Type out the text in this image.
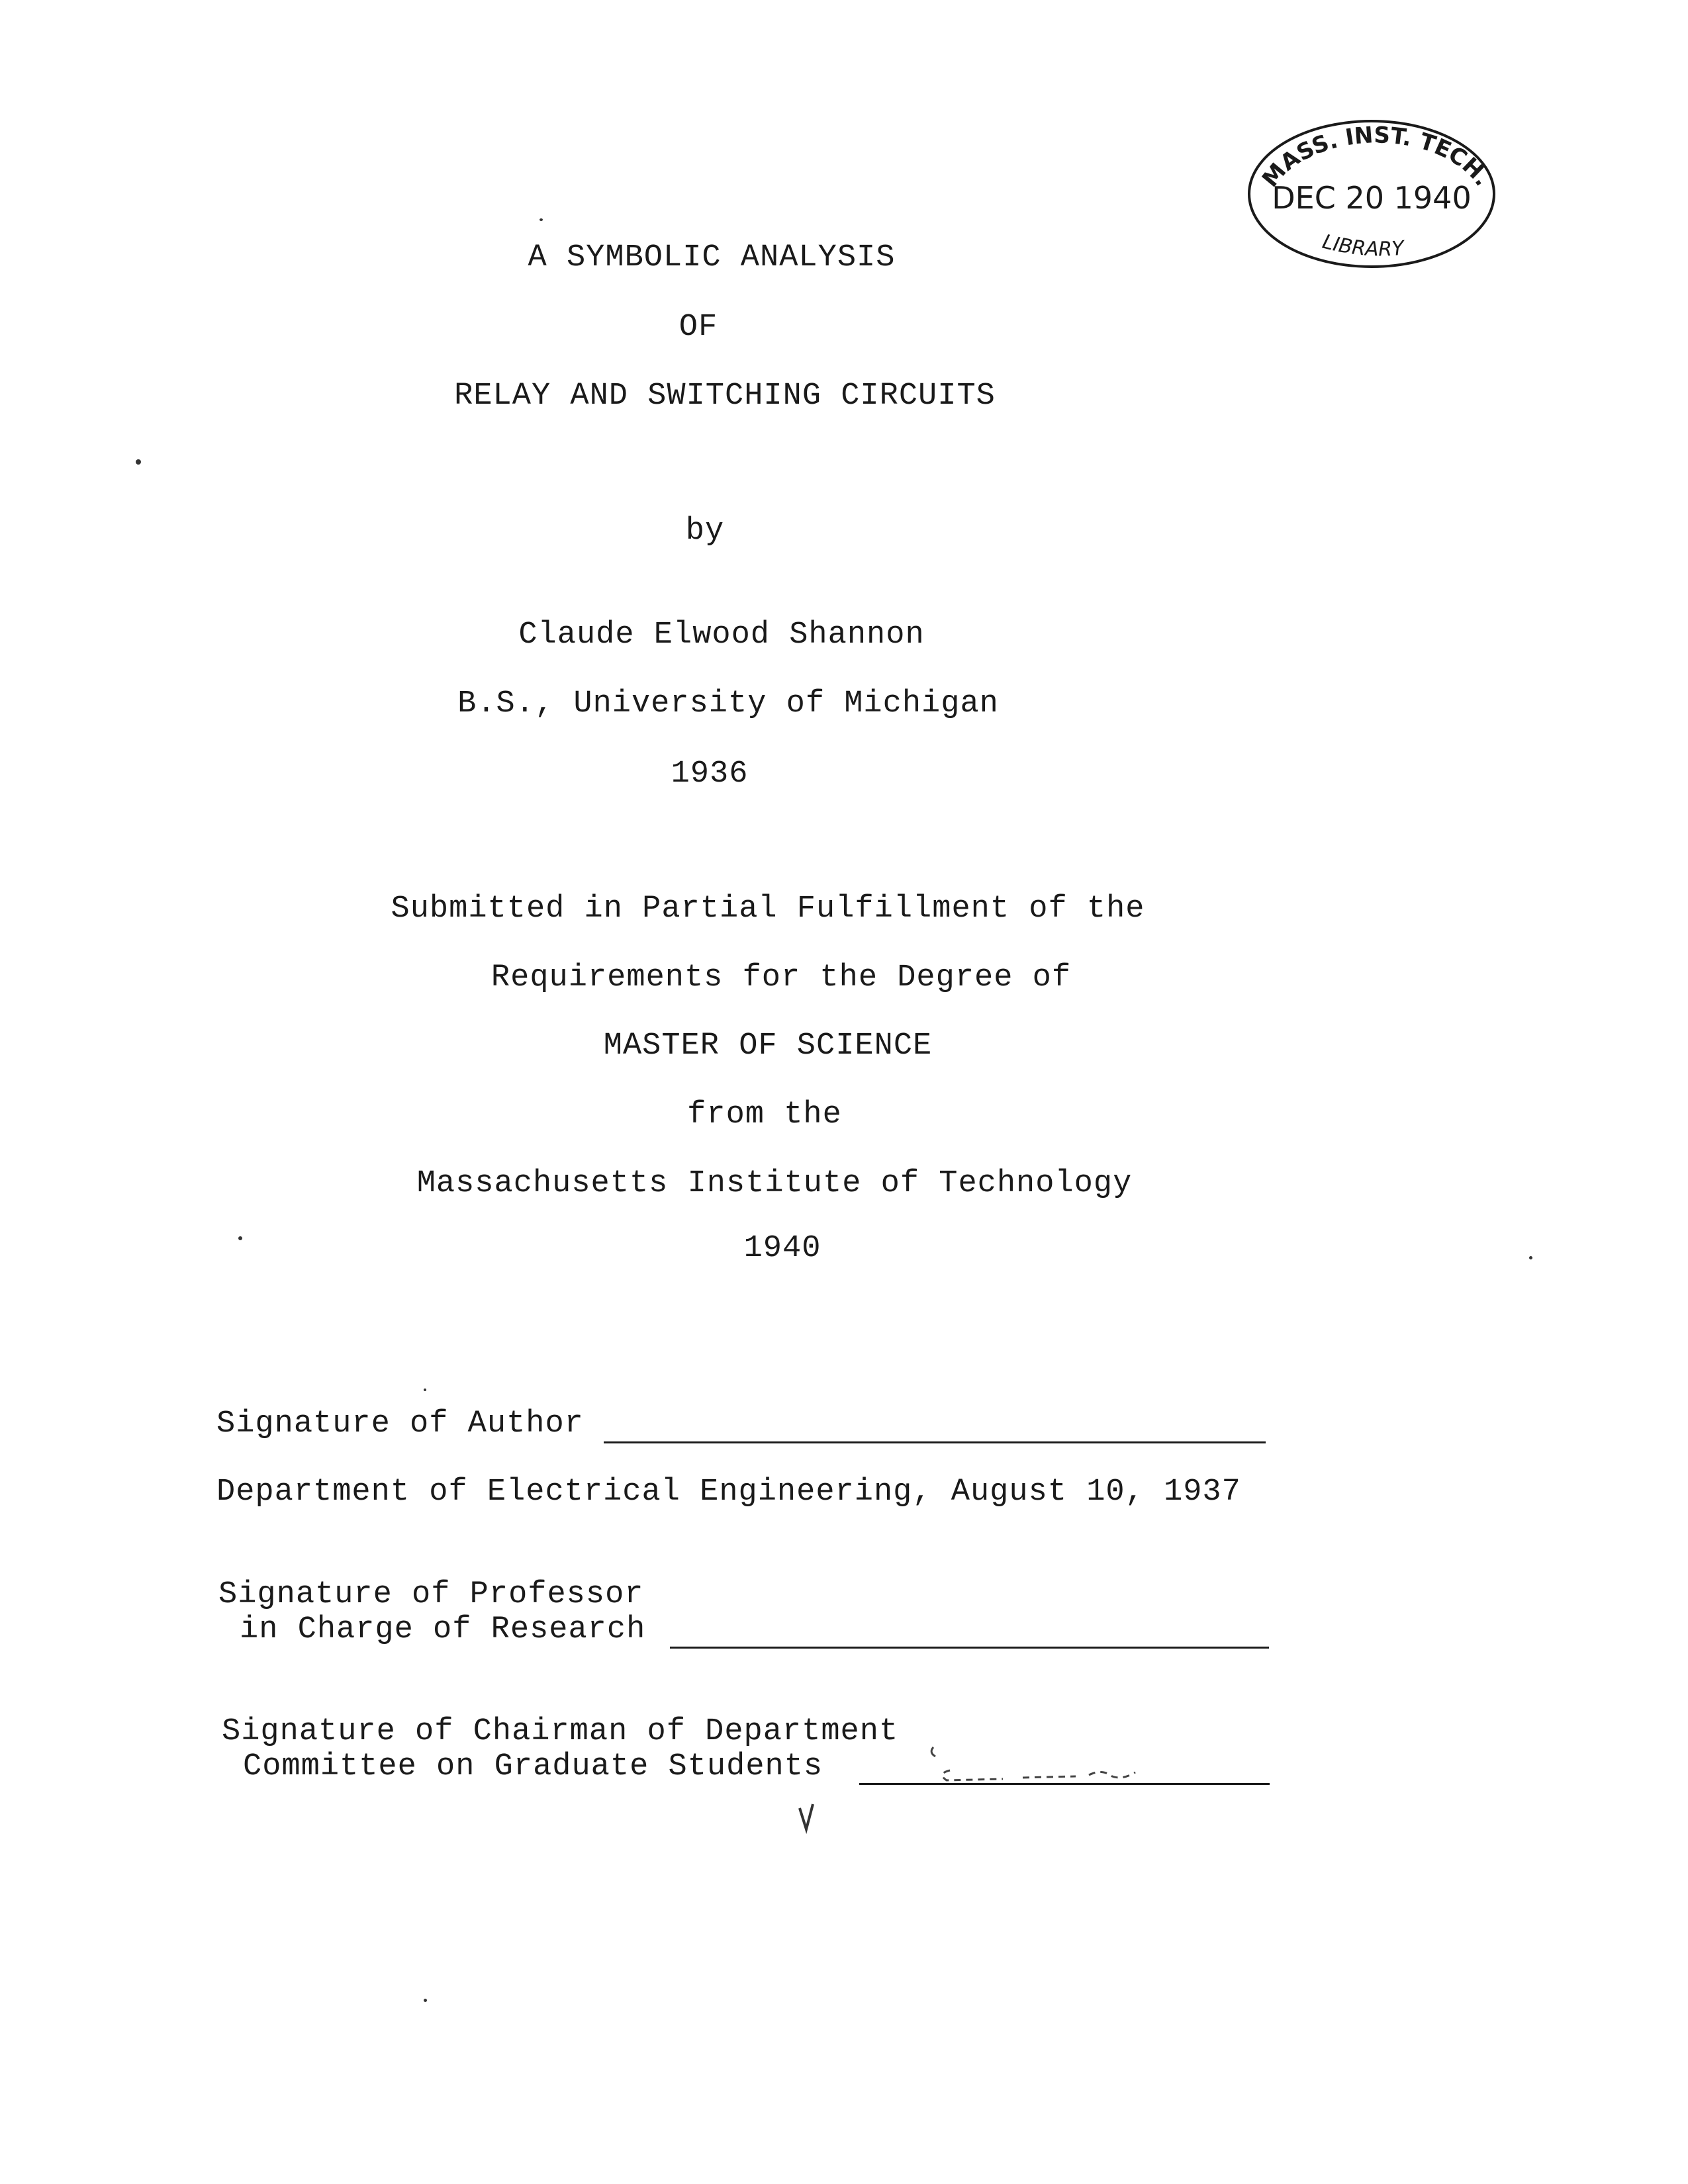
MASS. INST. TECH.
DEC 20 1940
LIBRARY
A SYMBOLIC ANALYSIS
OF
RELAY AND SWITCHING CIRCUITS
by
Claude Elwood Shannon
B.S., University of Michigan
1936
Submitted in Partial Fulfillment of the
Requirements for the Degree of
MASTER OF SCIENCE
from the
Massachusetts Institute of Technology
1940
Signature of Author
Department of Electrical Engineering, August 10, 1937
Signature of Professor
in Charge of Research
Signature of Chairman of Department
Committee on Graduate Students
